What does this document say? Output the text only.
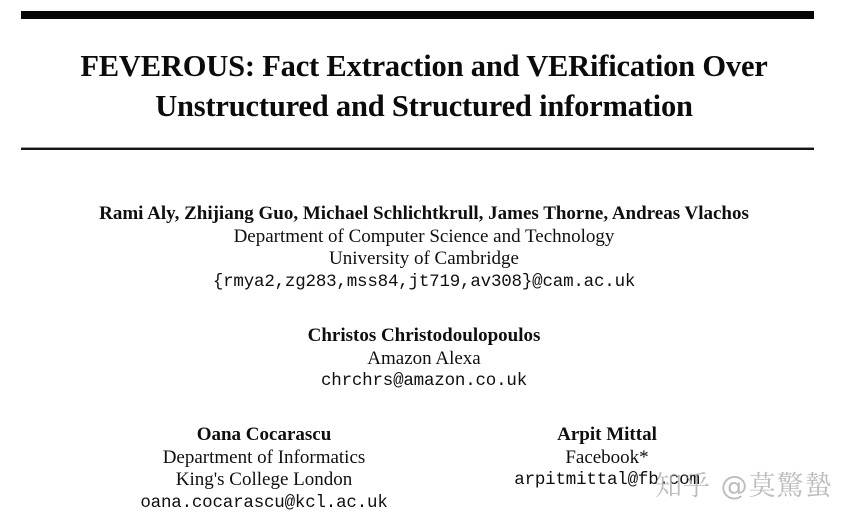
FEVEROUS: Fact Extraction and VERification Over
Unstructured and Structured information
Rami Aly, Zhijiang Guo, Michael Schlichtkrull, James Thorne, Andreas Vlachos
Department of Computer Science and Technology
University of Cambridge
{rmya2,zg283,mss84,jt719,av308}@cam.ac.uk
Christos Christodoulopoulos
Amazon Alexa
chrchrs@amazon.co.uk
Oana Cocarascu
Department of Informatics
King's College London
oana.cocarascu@kcl.ac.uk
Arpit Mittal
Facebook*
arpitmittal@fb.com
知乎 @莫驚蟄
